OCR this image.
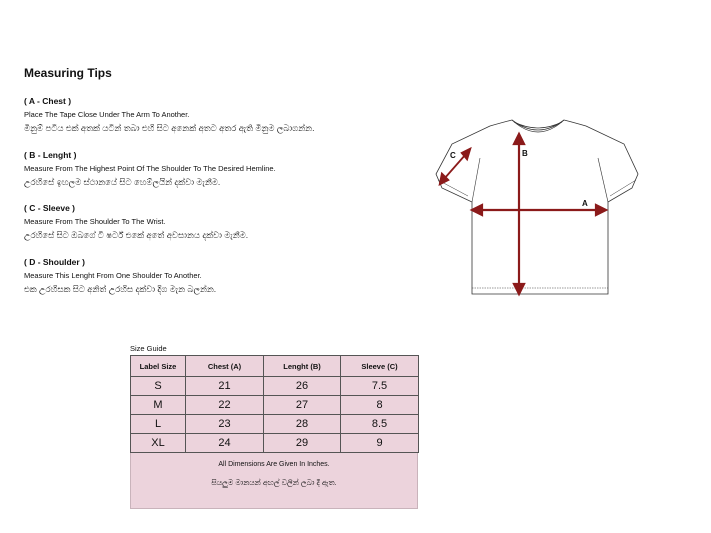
Measuring Tips
( A - Chest )
Place The Tape Close Under The Arm To Another.
මිනුම් පටිය එක් අතක් යටින් තබා එහි සිට අනෙක් අතට අතර ඇති මිනුම ලබාගන්න.
( B - Lenght )
Measure From The Highest Point Of The Shoulder To The Desired Hemline.
උරහිසේ ඉහලම ස්ථානයේ සිට හෙම්ලයින් දක්වා මැනීම.
( C - Sleeve )
Measure From The Shoulder To The Wrist.
උරහිසේ සිට ඔබගේ ටී ෂර්ට් එකේ අතේ අවසානය දක්වා මැනීම.
( D - Shoulder )
Measure This Lenght From One Shoulder To Another.
එක උරහිසක සිට අනිත් උරහිස දක්වා දිග මැන බලන්න.
B
A
C
Size Guide
Label Size	Chest (A)	Lenght (B)	Sleeve (C)
S	21	26	7.5
M	22	27	8
L	23	28	8.5
XL	24	29	9
All Dimensions Are Given In Inches.
සියලුම මානයන් අඟල් වලින් ලබා දී ඇත.
